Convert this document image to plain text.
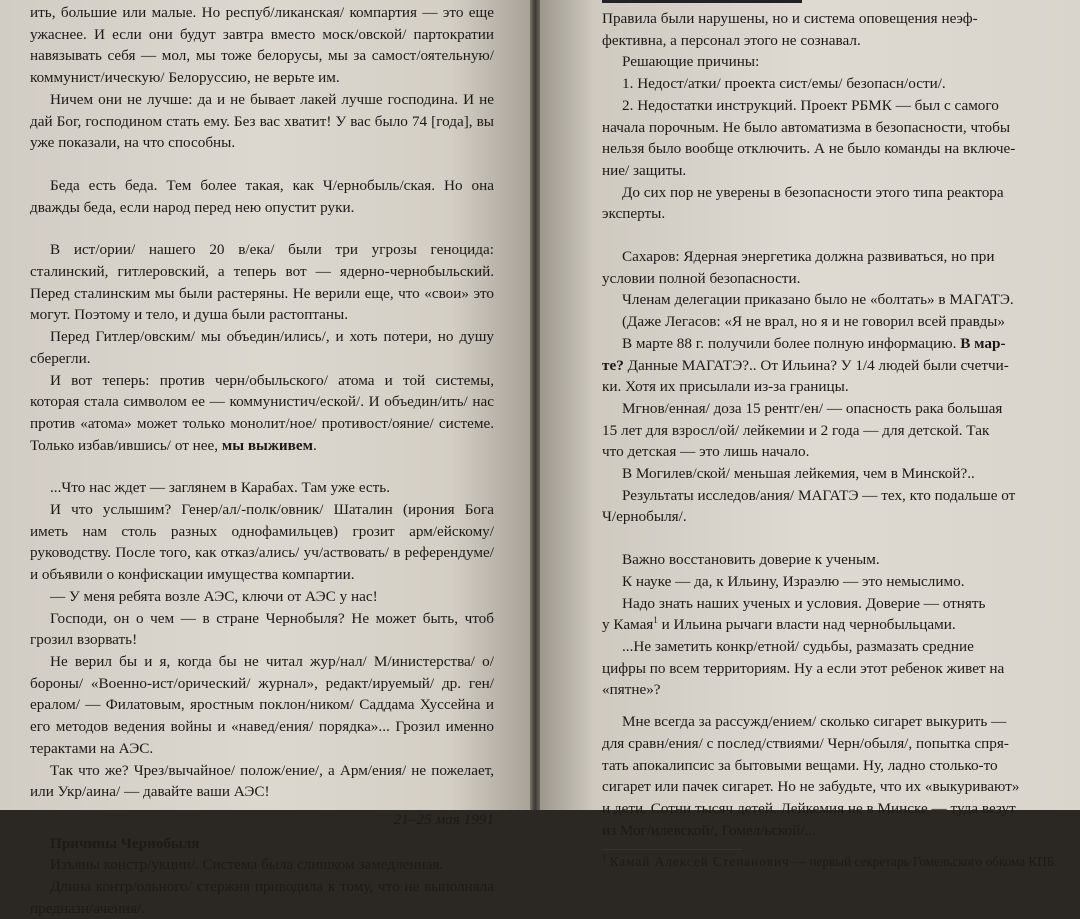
ить, большие или малые. Но респуб/ликанская/ компартия — это еще ужаснее. И если они будут завтра вместо моск/овской/ партократии навязывать себя — мол, мы тоже белорусы, мы за самост/оятельную/ коммунист/ическую/ Белоруссию, не верьте им.

Ничем они не лучше: да и не бывает лакей лучше господина. И не дай Бог, господином стать ему. Без вас хватит! У вас было 74 [года], вы уже показали, на что способны.

Беда есть беда. Тем более такая, как Ч/ернобыль/ская. Но она дважды беда, если народ перед нею опустит руки.

В ист/ории/ нашего 20 в/ека/ были три угрозы геноцида: сталинский, гитлеровский, а теперь вот — ядерно-чернобыльский. Перед сталинским мы были растеряны. Не верили еще, что «свои» это могут. Поэтому и тело, и душа были растоптаны.

Перед Гитлер/овским/ мы объедин/ились/, и хоть потери, но душу сберегли.

И вот теперь: против черн/обыльского/ атома и той системы, которая стала символом ее — коммунистич/еской/. И объедин/ить/ нас против «атома» может только монолит/ное/ противост/ояние/ системе. Только избав/ившись/ от нее, мы выживем.

...Что нас ждет — заглянем в Карабах. Там уже есть.

И что услышим? Генер/ал/-полк/овник/ Шаталин (ирония Бога иметь нам столь разных однофамильцев) грозит арм/ейскому/ руководству. После того, как отказ/ались/ уч/аствовать/ в референдуме/ и объявили о конфискации имущества компартии.

— У меня ребята возле АЭС, ключи от АЭС у нас!

Господи, он о чем — в стране Чернобыля? Не может быть, чтоб грозил взорвать!

Не верил бы и я, когда бы не читал жур/нал/ М/инистерства/ о/бороны/ «Военно-ист/орический/ журнал», редакт/ируемый/ др. ген/ералом/ — Филатовым, яростным поклон/ником/ Саддама Хуссейна и его методов ведения войны и «навед/ения/ порядка»... Грозил именно терактами на АЭС.

Так что же? Чрез/вычайное/ полож/ение/, а Арм/ения/ не пожелает, или Укр/аина/ — давайте ваши АЭС!

21–25 мая 1991

Причины Чернобыля

Изъяны констр/укции/. Система была слишком замедленная.

Длина контр/ольного/ стержня приводила к тому, что не выполняла предназн/ачения/.

Правила были нарушены, но и система оповещения неэф-

фективна, а персонал этого не сознавал.

Решающие причины:

1. Недост/атки/ проекта сист/емы/ безопасн/ости/.

2. Недостатки инструкций. Проект РБМК — был с самого

начала порочным. Не было автоматизма в безопасности, чтобы

нельзя было вообще отключить. А не было команды на включе-

ние/ защиты.

До сих пор не уверены в безопасности этого типа реактора

эксперты.

Сахаров: Ядерная энергетика должна развиваться, но при

условии полной безопасности.

Членам делегации приказано было не «болтать» в МАГАТЭ.

(Даже Легасов: «Я не врал, но я и не говорил всей правды»

В марте 88 г. получили более полную информацию. В мар-

те? Данные МАГАТЭ?.. От Ильина? У 1/4 людей были счетчи-

ки. Хотя их присылали из-за границы.

Мгнов/енная/ доза 15 рентг/ен/ — опасность рака большая

15 лет для взросл/ой/ лейкемии и 2 года — для детской. Так

что детская — это лишь начало.

В Могилев/ской/ меньшая лейкемия, чем в Минской?..

Результаты исследов/ания/ МАГАТЭ — тех, кто подальше от

Ч/ернобыля/.

Важно восстановить доверие к ученым.

К науке — да, к Ильину, Израэлю — это немыслимо.

Надо знать наших ученых и условия. Доверие — отнять

у Камая$^1$ и Ильина рычаги власти над чернобыльцами.

...Не заметить конкр/етной/ судьбы, размазать средние

цифры по всем территориям. Ну а если этот ребенок живет на

«пятне»?

Мне всегда за рассужд/ением/ сколько сигарет выкурить —

для сравн/ения/ с послед/ствиями/ Черн/обыля/, попытка спря-

тать апокалипсис за бытовыми вещами. Ну, ладно столько-то

сигарет или пачек сигарет. Но не забудьте, что их «выкуривают»

и дети. Сотни тысяч детей. Лейкемия не в Минске — туда везут

из Мог/илевской/, Гомел/ьской/...

$^1$ Камай Алексей Степанович — первый секретарь Гомельского обкома КПБ.
